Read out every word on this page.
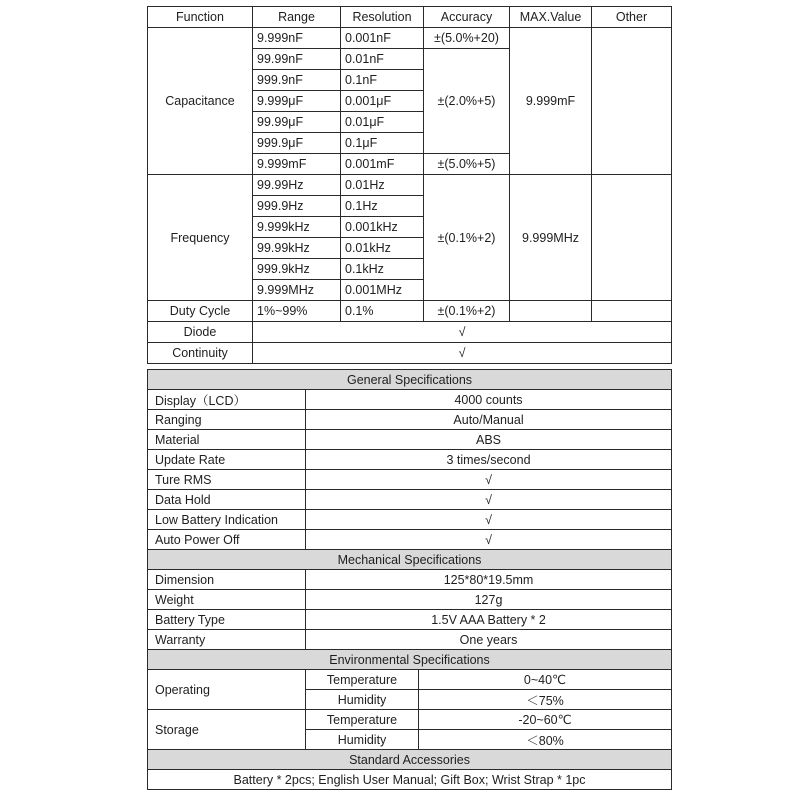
Function	Range	Resolution	Accuracy	MAX.Value	Other
Capacitance	9.999nF	0.001nF	±(5.0%+20)	9.999mF	
	99.99nF	0.01nF	±(2.0%+5)		
	999.9nF	0.1nF			
	9.999μF	0.001μF			
	99.99μF	0.01μF			
	999.9μF	0.1μF			
	9.999mF	0.001mF	±(5.0%+5)		
Frequency	99.99Hz	0.01Hz	±(0.1%+2)	9.999MHz	
	999.9Hz	0.1Hz			
	9.999kHz	0.001kHz			
	99.99kHz	0.01kHz			
	999.9kHz	0.1kHz			
	9.999MHz	0.001MHz			
Duty Cycle	1%~99%	0.1%	±(0.1%+2)		
Diode	√				
Continuity	√				
General Specifications		
Display（LCD）	4000 counts	
Ranging	Auto/Manual	
Material	ABS	
Update Rate	3 times/second	
Ture RMS	√	
Data Hold	√	
Low Battery Indication	√	
Auto Power Off	√	
Mechanical Specifications		
Dimension	125*80*19.5mm	
Weight	127g	
Battery Type	1.5V AAA Battery * 2	
Warranty	One years	
Environmental Specifications		
Operating	Temperature	0~40℃
	Humidity	＜75%
Storage	Temperature	-20~60℃
	Humidity	＜80%
Standard Accessories		
Battery * 2pcs; English User Manual; Gift Box; Wrist Strap * 1pc		
